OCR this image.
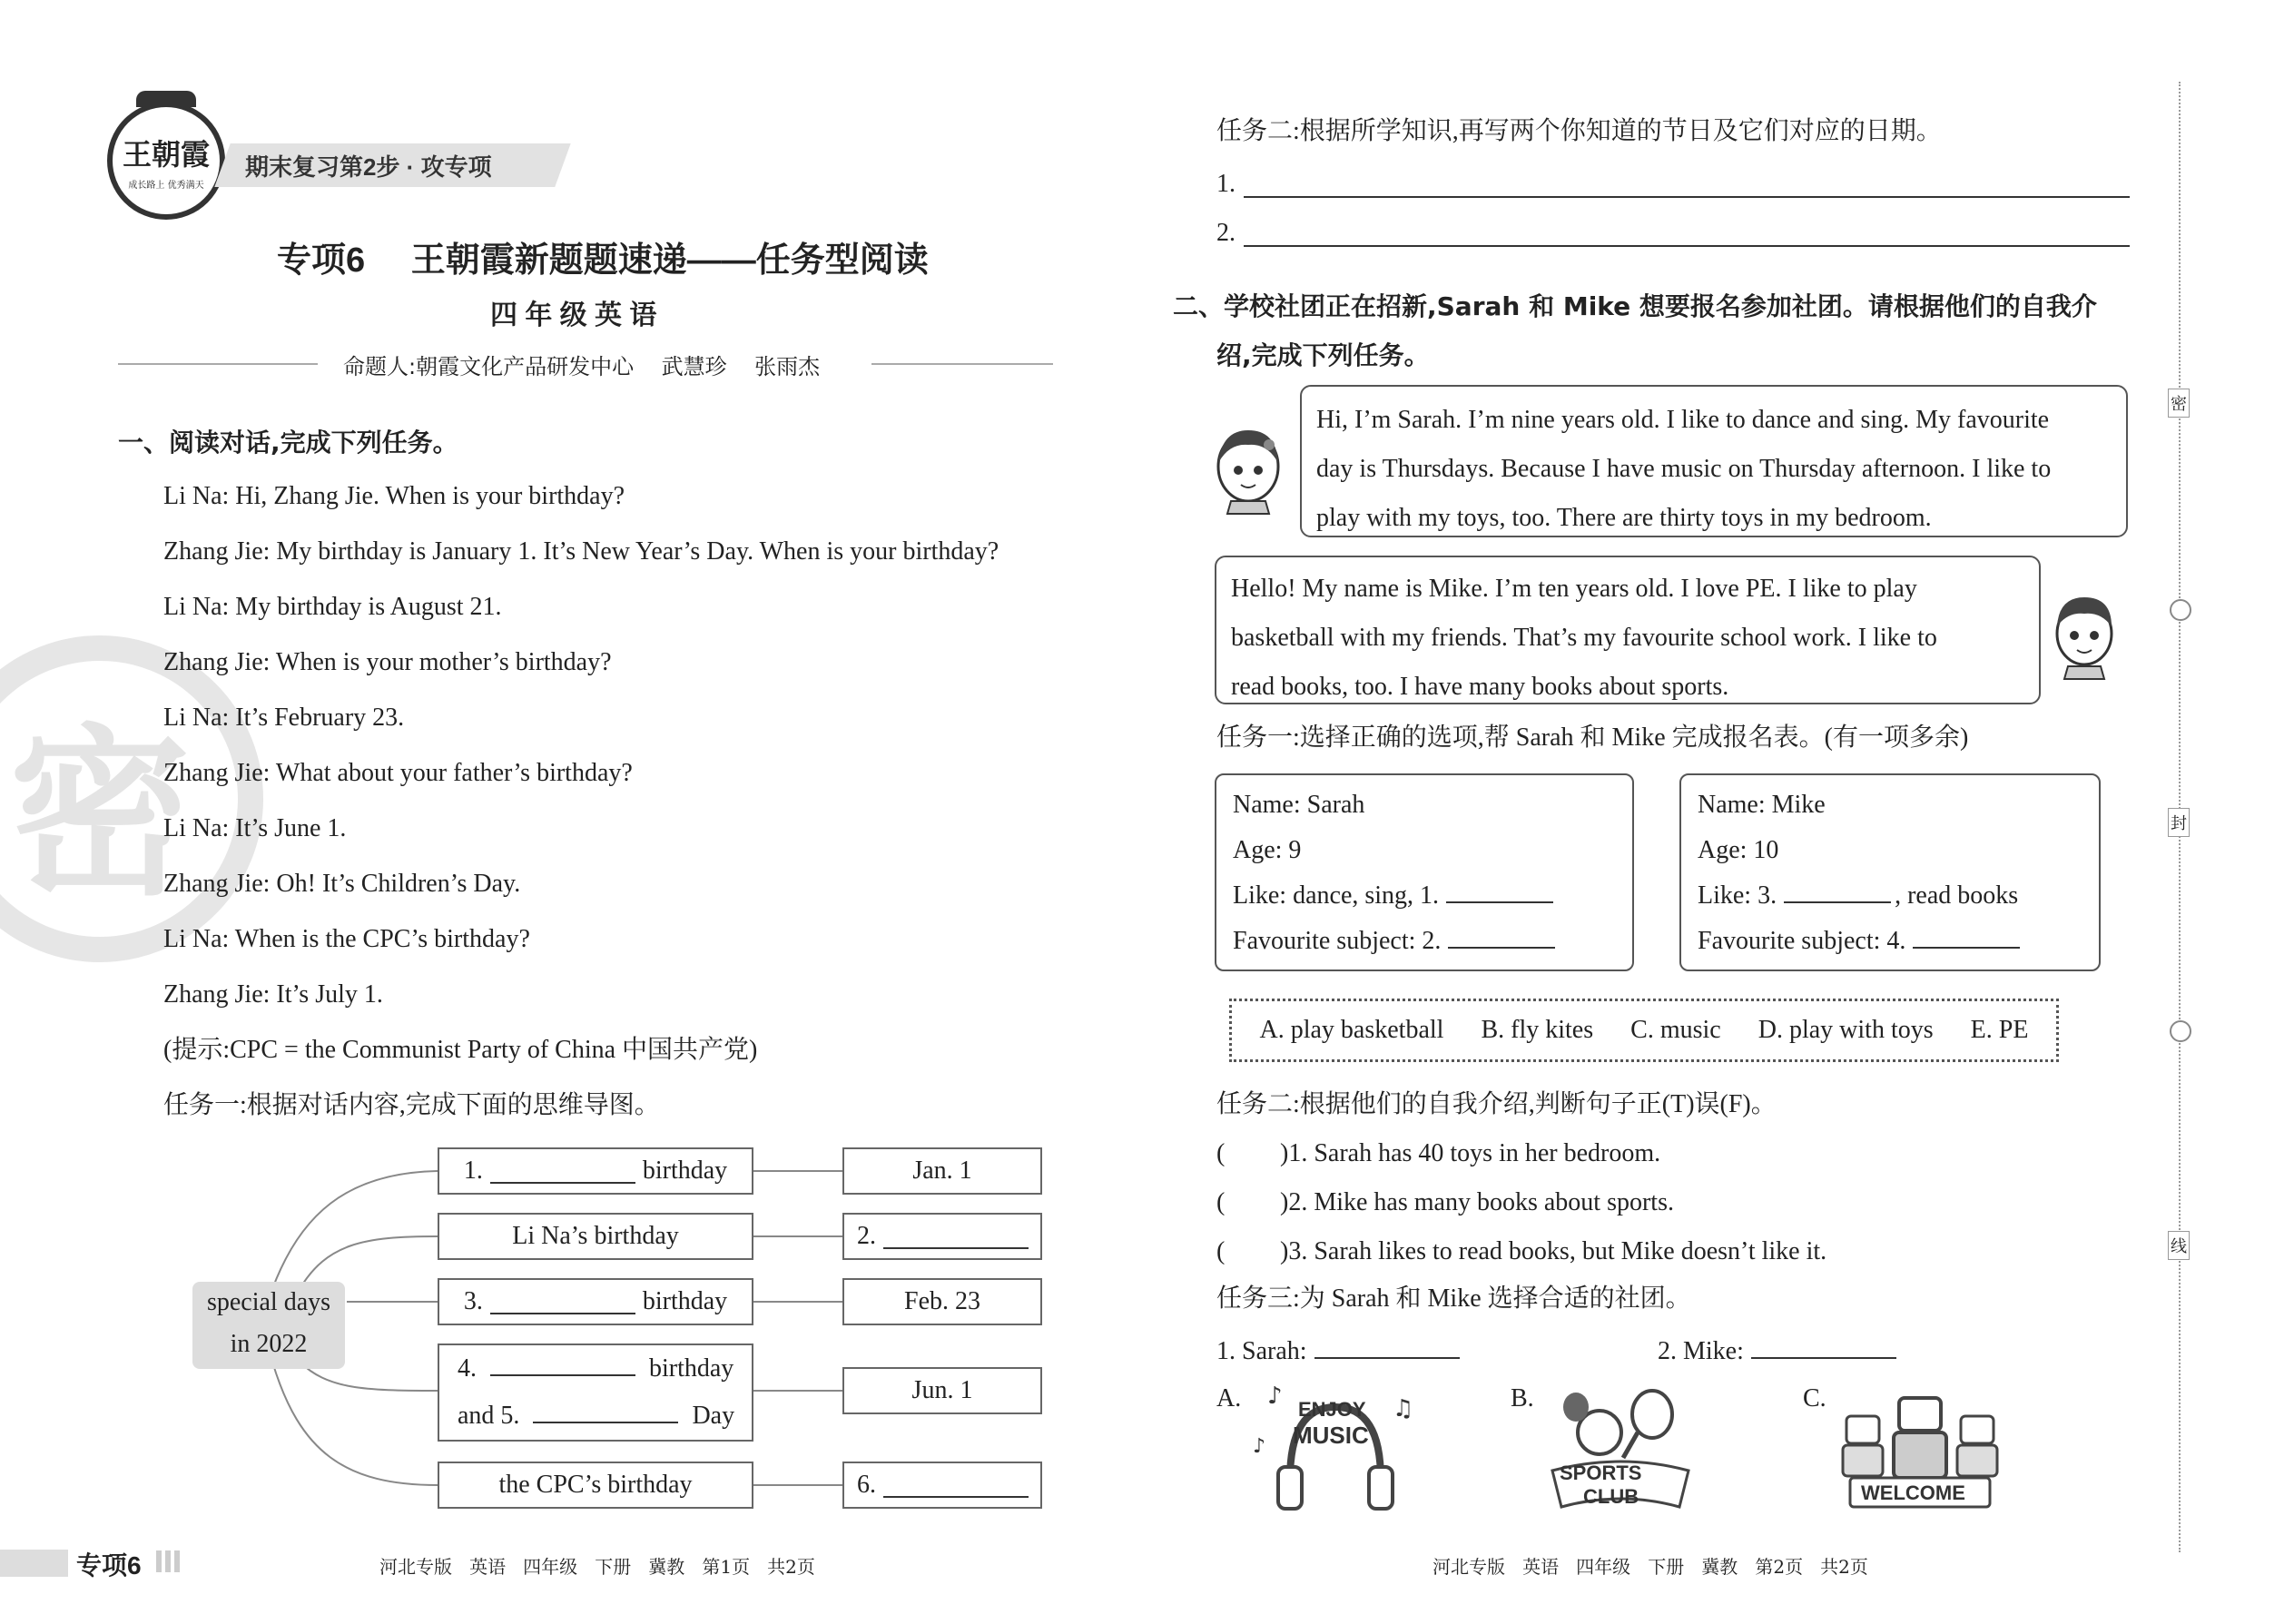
密
王朝霞
成长路上 优秀满天
期末复习第2步 · 攻专项
专项6 王朝霞新题题速递——任务型阅读
四 年 级 英 语
命题人:朝霞文化产品研发中心    武慧珍    张雨杰
一、阅读对话,完成下列任务。
Li Na: Hi, Zhang Jie. When is your birthday?
Zhang Jie: My birthday is January 1. It’s New Year’s Day. When is your birthday?
Li Na: My birthday is August 21.
Zhang Jie: When is your mother’s birthday?
Li Na: It’s February 23.
Zhang Jie: What about your father’s birthday?
Li Na: It’s June 1.
Zhang Jie: Oh! It’s Children’s Day.
Li Na: When is the CPC’s birthday?
Zhang Jie: It’s July 1.
(提示:CPC = the Communist Party of China 中国共产党)
任务一:根据对话内容,完成下面的思维导图。
special days
in 2022
1.	birthday
Li Na’s birthday
3.	birthday
4.	birthday
and 5.	Day
the CPC’s birthday
Jan. 1
2.
Feb. 23
Jun. 1
6.
专项6	河北专版   英语   四年级   下册   冀教   第1页   共2页
任务二:根据所学知识,再写两个你知道的节日及它们对应的日期。
1.
2.
二、学校社团正在招新,Sarah 和 Mike 想要报名参加社团。请根据他们的自我介
绍,完成下列任务。
Hi, I’m Sarah. I’m nine years old. I like to dance and sing. My favourite
day is Thursdays. Because I have music on Thursday afternoon. I like to
play with my toys, too. There are thirty toys in my bedroom.
Hello! My name is Mike. I’m ten years old. I love PE. I like to play
basketball with my friends. That’s my favourite school work. I like to
read books, too. I have many books about sports.
任务一:选择正确的选项,帮 Sarah 和 Mike 完成报名表。(有一项多余)
Name: Sarah
Age: 9
Like: dance, sing, 1.
Favourite subject: 2.
Name: Mike
Age: 10
Like: 3.	, read books
Favourite subject: 4.
A. play basketball B. fly kites C. music D. play with toys E. PE
任务二:根据他们的自我介绍,判断句子正(T)误(F)。
( )1. Sarah has 40 toys in her bedroom.
( )2. Mike has many books about sports.
( )3. Sarah likes to read books, but Mike doesn’t like it.
任务三:为 Sarah 和 Mike 选择合适的社团。
1. Sarah:	2. Mike:
A. ♪	♫
♪
ENJOY
MUSIC
B.
SPORTS
CLUB
C.
WELCOME
河北专版   英语   四年级   下册   冀教   第2页   共2页
密
封
线
